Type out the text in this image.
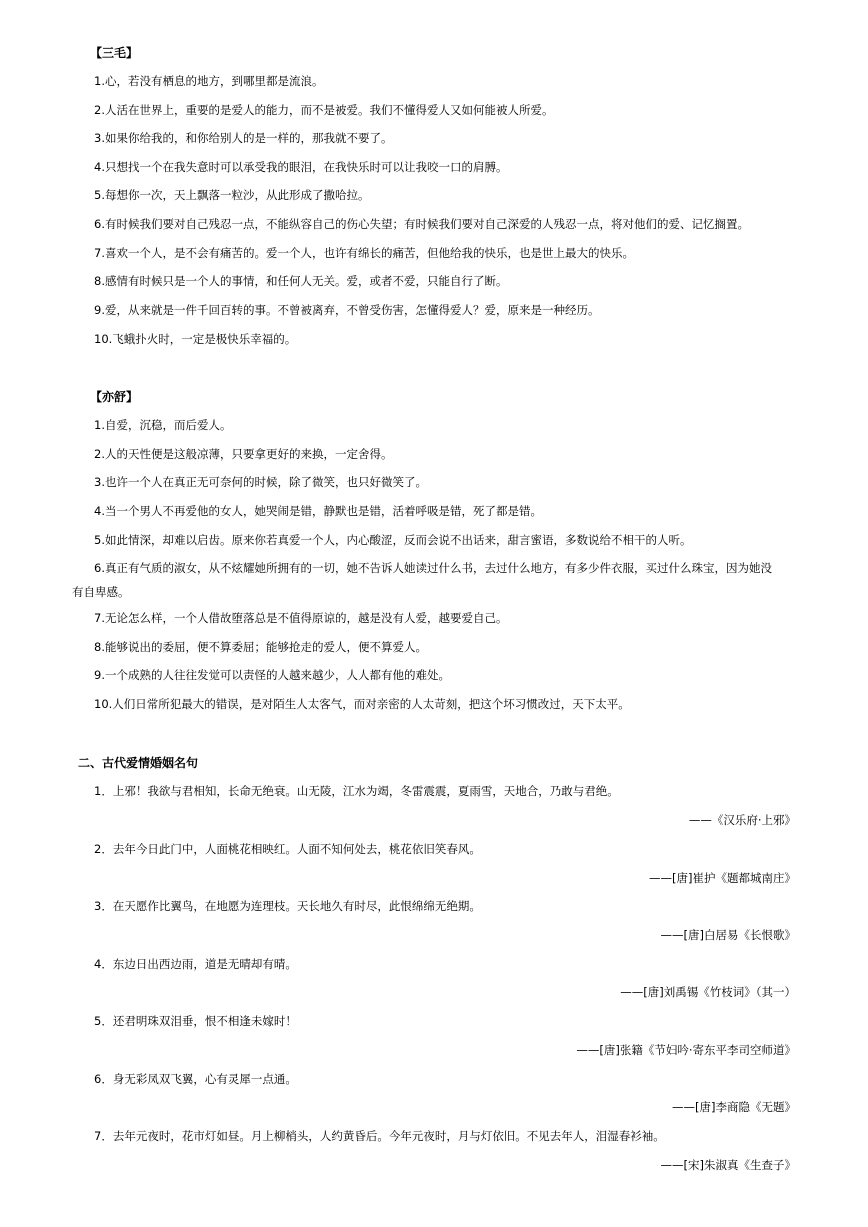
【三毛】
1.心，若没有栖息的地方，到哪里都是流浪。
2.人活在世界上，重要的是爱人的能力，而不是被爱。我们不懂得爱人又如何能被人所爱。
3.如果你给我的，和你给别人的是一样的，那我就不要了。
4.只想找一个在我失意时可以承受我的眼泪，在我快乐时可以让我咬一口的肩膊。
5.每想你一次，天上飘落一粒沙，从此形成了撒哈拉。
6.有时候我们要对自己残忍一点，不能纵容自己的伤心失望；有时候我们要对自己深爱的人残忍一点，将对他们的爱、记忆搁置。
7.喜欢一个人，是不会有痛苦的。爱一个人，也许有绵长的痛苦，但他给我的快乐，也是世上最大的快乐。
8.感情有时候只是一个人的事情，和任何人无关。爱，或者不爱，只能自行了断。
9.爱，从来就是一件千回百转的事。不曾被离弃，不曾受伤害，怎懂得爱人？爱，原来是一种经历。
10.飞蛾扑火时，一定是极快乐幸福的。
【亦舒】
1.自爱，沉稳，而后爱人。
2.人的天性便是这般凉薄，只要拿更好的来换，一定舍得。
3.也许一个人在真正无可奈何的时候，除了微笑，也只好微笑了。
4.当一个男人不再爱他的女人，她哭闹是错，静默也是错，活着呼吸是错，死了都是错。
5.如此情深，却难以启齿。原来你若真爱一个人，内心酸涩，反而会说不出话来，甜言蜜语，多数说给不相干的人听。
6.真正有气质的淑女，从不炫耀她所拥有的一切，她不告诉人她读过什么书，去过什么地方，有多少件衣服，买过什么珠宝，因为她没有自卑感。
7.无论怎么样，一个人借故堕落总是不值得原谅的，越是没有人爱，越要爱自己。
8.能够说出的委屈，便不算委屈；能够抢走的爱人，便不算爱人。
9.一个成熟的人往往发觉可以责怪的人越来越少，人人都有他的难处。
10.人们日常所犯最大的错误，是对陌生人太客气，而对亲密的人太苛刻，把这个坏习惯改过，天下太平。
二、古代爱情婚姻名句
1．上邪！我欲与君相知，长命无绝衰。山无陵，江水为竭，冬雷震震，夏雨雪，天地合，乃敢与君绝。
——《汉乐府·上邪》
2．去年今日此门中，人面桃花相映红。人面不知何处去，桃花依旧笑春风。
——[唐]崔护《题都城南庄》
3．在天愿作比翼鸟，在地愿为连理枝。天长地久有时尽，此恨绵绵无绝期。
——[唐]白居易《长恨歌》
4．东边日出西边雨，道是无晴却有晴。
——[唐]刘禹锡《竹枝词》（其一）
5．还君明珠双泪垂，恨不相逢未嫁时！
——[唐]张籍《节妇吟·寄东平李司空师道》
6．身无彩凤双飞翼，心有灵犀一点通。
——[唐]李商隐《无题》
7．去年元夜时，花市灯如昼。月上柳梢头，人约黄昏后。今年元夜时，月与灯依旧。不见去年人，泪湿春衫袖。
——[宋]朱淑真《生查子》
